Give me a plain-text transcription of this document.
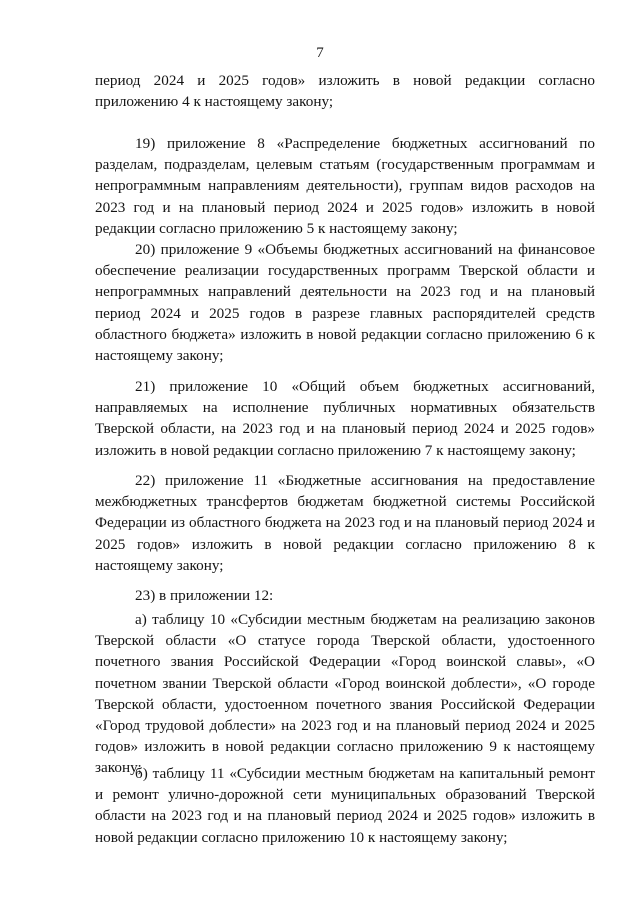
7

период 2024 и 2025 годов» изложить в новой редакции согласно приложению 4 к настоящему закону;

19) приложение 8 «Распределение бюджетных ассигнований по разделам, подразделам, целевым статьям (государственным программам и непрограммным направлениям деятельности), группам видов расходов на 2023 год и на плановый период 2024 и 2025 годов» изложить в новой редакции согласно приложению 5 к настоящему закону;

20) приложение 9 «Объемы бюджетных ассигнований на финансовое обеспечение реализации государственных программ Тверской области и непрограммных направлений деятельности на 2023 год и на плановый период 2024 и 2025 годов в разрезе главных распорядителей средств областного бюджета» изложить в новой редакции согласно приложению 6 к настоящему закону;

21) приложение 10 «Общий объем бюджетных ассигнований, направляемых на исполнение публичных нормативных обязательств Тверской области, на 2023 год и на плановый период 2024 и 2025 годов» изложить в новой редакции согласно приложению 7 к настоящему закону;

22) приложение 11 «Бюджетные ассигнования на предоставление межбюджетных трансфертов бюджетам бюджетной системы Российской Федерации из областного бюджета на 2023 год и на плановый период 2024 и 2025 годов» изложить в новой редакции согласно приложению 8 к настоящему закону;

23) в приложении 12:

а) таблицу 10 «Субсидии местным бюджетам на реализацию законов Тверской области «О статусе города Тверской области, удостоенного почетного звания Российской Федерации «Город воинской славы», «О почетном звании Тверской области «Город воинской доблести», «О городе Тверской области, удостоенном почетного звания Российской Федерации «Город трудовой доблести» на 2023 год и на плановый период 2024 и 2025 годов» изложить в новой редакции согласно приложению 9 к настоящему закону;

б) таблицу 11 «Субсидии местным бюджетам на капитальный ремонт и ремонт улично-дорожной сети муниципальных образований Тверской области на 2023 год и на плановый период 2024 и 2025 годов» изложить в новой редакции согласно приложению 10 к настоящему закону;
